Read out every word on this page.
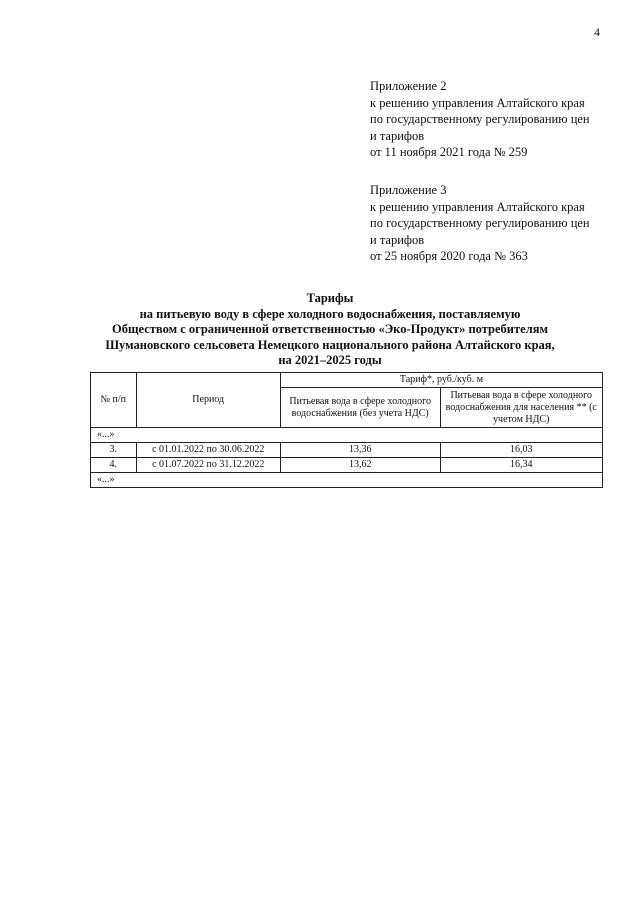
4
Приложение 2
к решению управления Алтайского края
по государственному регулированию цен
и тарифов
от 11 ноября 2021 года № 259
Приложение 3
к решению управления Алтайского края
по государственному регулированию цен
и тарифов
от 25 ноября 2020 года № 363
Тарифы
на питьевую воду в сфере холодного водоснабжения, поставляемую
Обществом с ограниченной ответственностью «Эко-Продукт» потребителям
Шумановского сельсовета Немецкого национального района Алтайского края,
на 2021–2025 годы
№ п/п	Период	Тариф*, руб./куб. м	
		Питьевая вода в сфере холодного водоснабжения (без учета НДС)	Питьевая вода в сфере холодного водоснабжения для населения ** (с учетом НДС)
«...»			
3.	с 01.01.2022 по 30.06.2022	13,36	16,03
4.	с 01.07.2022 по 31.12.2022	13,62	16,34
«...»			
